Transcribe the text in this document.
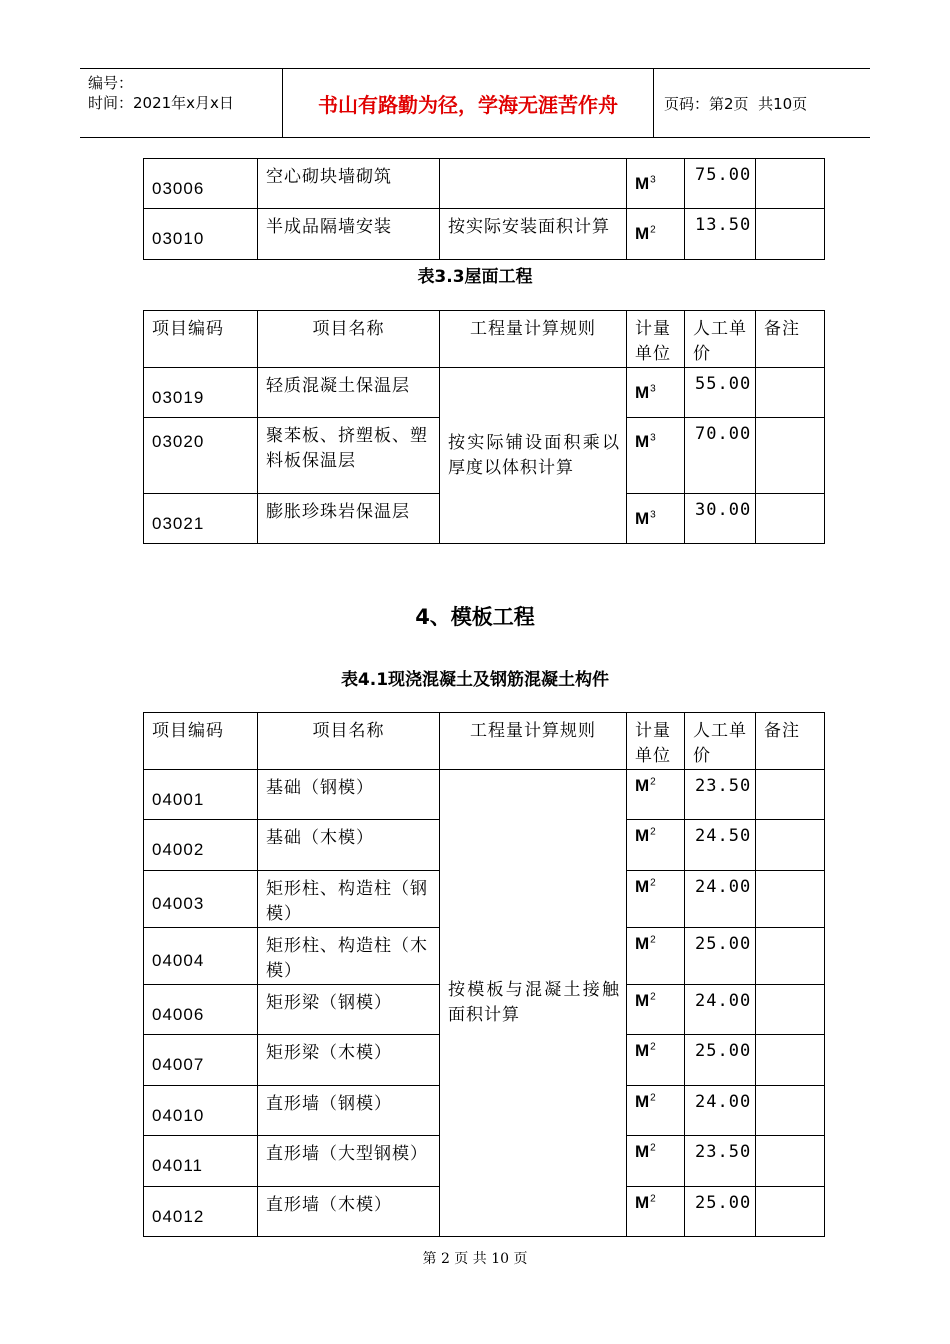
编号：
时间：2021年x月x日	书山有路勤为径，学海无涯苦作舟	页码：第2页  共10页
03006	空心砌块墙砌筑		$M^3$	75.00	
03010	半成品隔墙安装	按实际安装面积计算	$M^2$	13.50	
表3.3屋面工程
项目编码	项目名称	工程量计算规则	计量单位	人工单价	备注
03019	轻质混凝土保温层	按实际铺设面积乘以厚度以体积计算	$M^3$	55.00	
03020	聚苯板、挤塑板、塑料板保温层		$M^3$	70.00	
03021	膨胀珍珠岩保温层		$M^3$	30.00	
4、模板工程
表4.1现浇混凝土及钢筋混凝土构件
项目编码	项目名称	工程量计算规则	计量单位	人工单价	备注
04001	基础（钢模）	按模板与混凝土接触面积计算	$M^2$	23.50	
04002	基础（木模）		$M^2$	24.50	
04003	矩形柱、构造柱（钢模）		$M^2$	24.00	
04004	矩形柱、构造柱（木模）		$M^2$	25.00	
04006	矩形梁（钢模）		$M^2$	24.00	
04007	矩形梁（木模）		$M^2$	25.00	
04010	直形墙（钢模）		$M^2$	24.00	
04011	直形墙（大型钢模）		$M^2$	23.50	
04012	直形墙（木模）		$M^2$	25.00	
第 2 页 共 10 页
